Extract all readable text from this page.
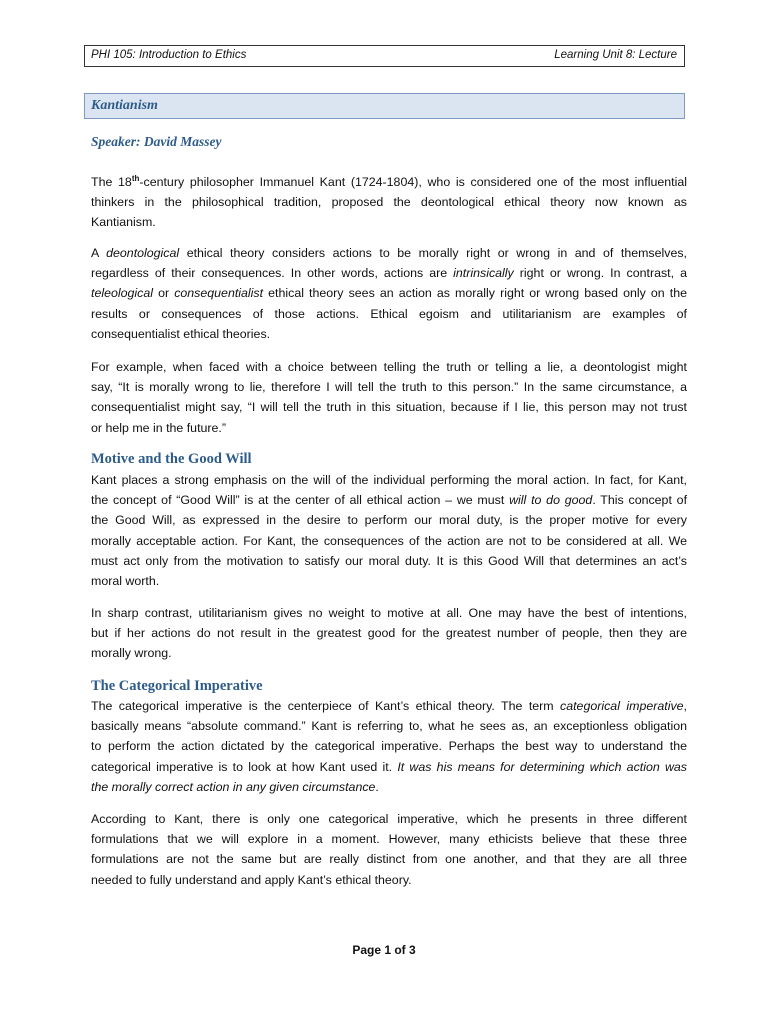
PHI 105: Introduction to Ethics	Learning Unit 8: Lecture
Kantianism
Speaker: David Massey

The 18th-century philosopher Immanuel Kant (1724-1804), who is considered one of the most influential
thinkers in the philosophical tradition, proposed the deontological ethical theory now known as
Kantianism.

A deontological ethical theory considers actions to be morally right or wrong in and of themselves,
regardless of their consequences. In other words, actions are intrinsically right or wrong. In contrast, a
teleological or consequentialist ethical theory sees an action as morally right or wrong based only on the
results or consequences of those actions. Ethical egoism and utilitarianism are examples of
consequentialist ethical theories.

For example, when faced with a choice between telling the truth or telling a lie, a deontologist might
say, “It is morally wrong to lie, therefore I will tell the truth to this person.” In the same circumstance, a
consequentialist might say, “I will tell the truth in this situation, because if I lie, this person may not trust
or help me in the future.”

Motive and the Good Will

Kant places a strong emphasis on the will of the individual performing the moral action. In fact, for Kant,
the concept of “Good Will” is at the center of all ethical action – we must will to do good. This concept of
the Good Will, as expressed in the desire to perform our moral duty, is the proper motive for every
morally acceptable action. For Kant, the consequences of the action are not to be considered at all. We
must act only from the motivation to satisfy our moral duty. It is this Good Will that determines an act’s
moral worth.

In sharp contrast, utilitarianism gives no weight to motive at all. One may have the best of intentions,
but if her actions do not result in the greatest good for the greatest number of people, then they are
morally wrong.

The Categorical Imperative

The categorical imperative is the centerpiece of Kant’s ethical theory. The term categorical imperative,
basically means “absolute command.” Kant is referring to, what he sees as, an exceptionless obligation
to perform the action dictated by the categorical imperative. Perhaps the best way to understand the
categorical imperative is to look at how Kant used it. It was his means for determining which action was
the morally correct action in any given circumstance.

According to Kant, there is only one categorical imperative, which he presents in three different
formulations that we will explore in a moment. However, many ethicists believe that these three
formulations are not the same but are really distinct from one another, and that they are all three
needed to fully understand and apply Kant’s ethical theory.

Page 1 of 3
